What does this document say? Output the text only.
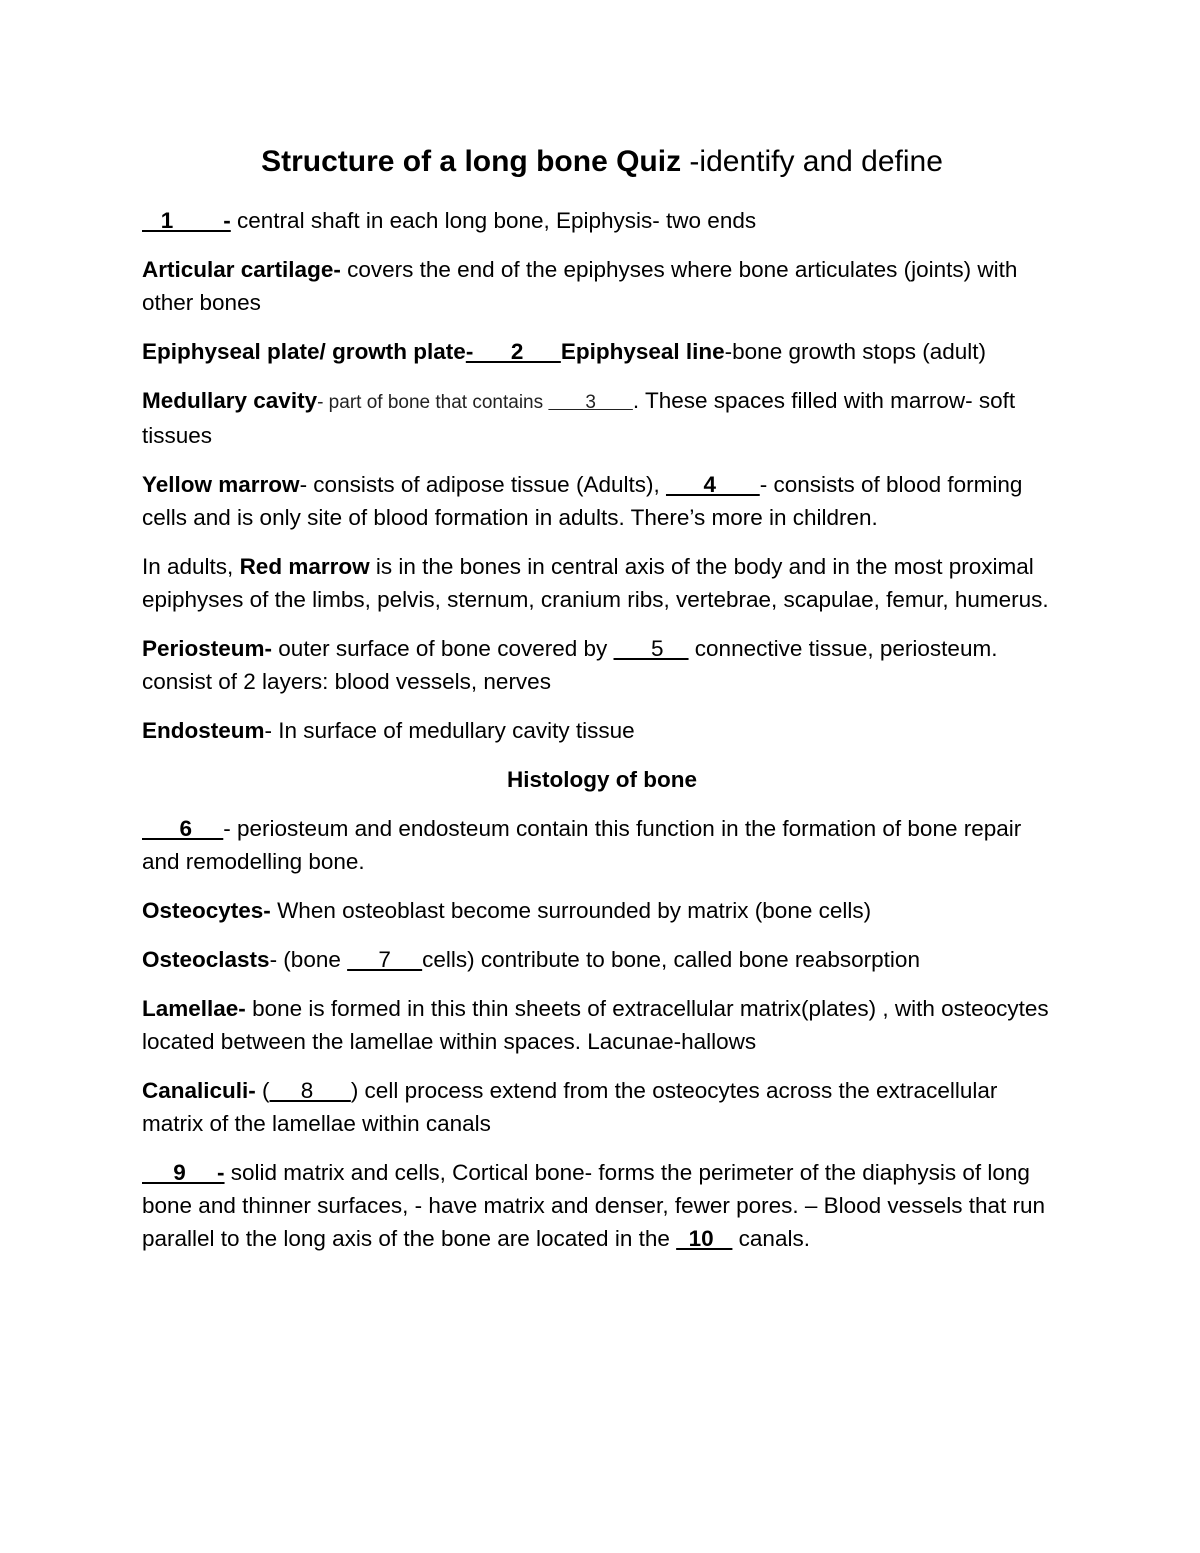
Structure of a long bone Quiz -identify and define

1        - central shaft in each long bone, Epiphysis- two ends

Articular cartilage- covers the end of the epiphyses where bone articulates (joints) with other bones

Epiphyseal plate/ growth plate-      2      Epiphyseal line-bone growth stops (adult)

Medullary cavity- part of bone that contains        3       . These spaces filled with marrow- soft tissues

Yellow marrow- consists of adipose tissue (Adults),       4       - consists of blood forming cells and is only site of blood formation in adults. There’s more in children.

In adults, Red marrow is in the bones in central axis of the body and in the most proximal epiphyses of the limbs, pelvis, sternum, cranium ribs, vertebrae, scapulae, femur, humerus.

Periosteum- outer surface of bone covered by       5     connective tissue, periosteum. consist of 2 layers: blood vessels, nerves

Endosteum- In surface of medullary cavity tissue

Histology of bone

6     - periosteum and endosteum contain this function in the formation of bone repair and remodelling bone.

Osteocytes- When osteoblast become surrounded by matrix (bone cells)

Osteoclasts- (bone      7     cells) contribute to bone, called bone reabsorption

Lamellae- bone is formed in this thin sheets of extracellular matrix(plates) , with osteocytes located between the lamellae within spaces. Lacunae-hallows

Canaliculi- (     8      ) cell process extend from the osteocytes across the extracellular matrix of the lamellae within canals

9     - solid matrix and cells, Cortical bone- forms the perimeter of the diaphysis of long bone and thinner surfaces, - have matrix and denser, fewer pores. – Blood vessels that run parallel to the long axis of the bone are located in the   10    canals.
